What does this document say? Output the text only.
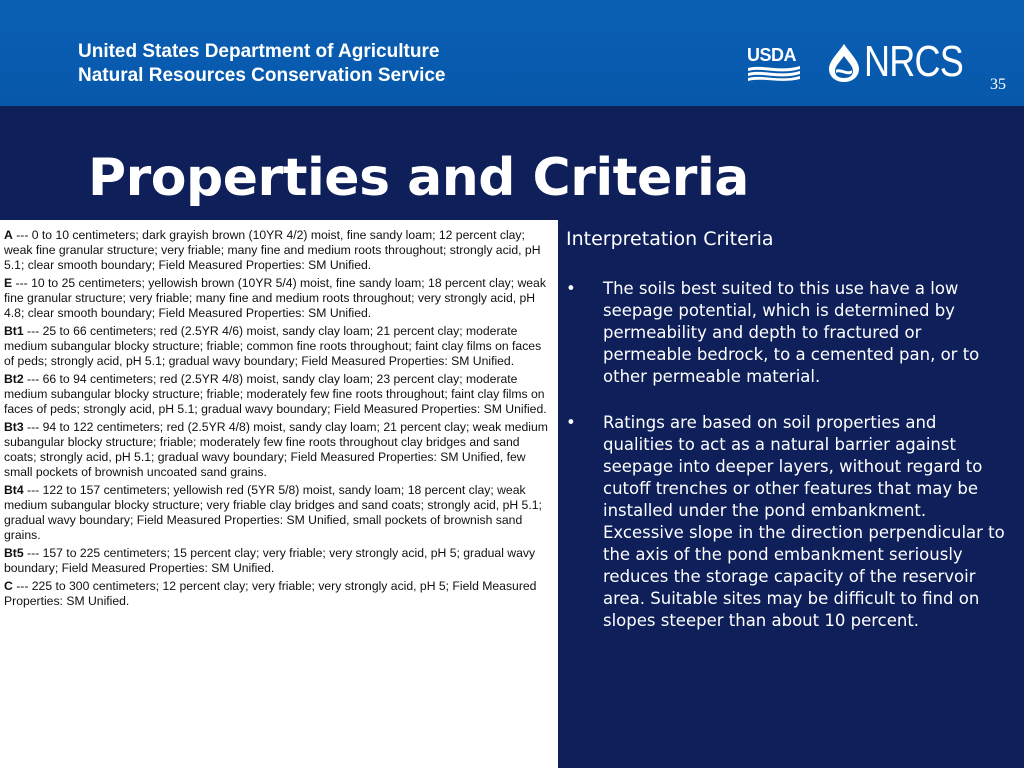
United States Department of Agriculture
Natural Resources Conservation Service
USDA NRCS 35
Properties and Criteria

A --- 0 to 10 centimeters; dark grayish brown (10YR 4/2) moist, fine sandy loam; 12 percent clay; weak fine granular structure; very friable; many fine and medium roots throughout; strongly acid, pH 5.1; clear smooth boundary; Field Measured Properties: SM Unified.

E --- 10 to 25 centimeters; yellowish brown (10YR 5/4) moist, fine sandy loam; 18 percent clay; weak fine granular structure; very friable; many fine and medium roots throughout; very strongly acid, pH 4.8; clear smooth boundary; Field Measured Properties: SM Unified.

Bt1 --- 25 to 66 centimeters; red (2.5YR 4/6) moist, sandy clay loam; 21 percent clay; moderate medium subangular blocky structure; friable; common fine roots throughout; faint clay films on faces of peds; strongly acid, pH 5.1; gradual wavy boundary; Field Measured Properties: SM Unified.

Bt2 --- 66 to 94 centimeters; red (2.5YR 4/8) moist, sandy clay loam; 23 percent clay; moderate medium subangular blocky structure; friable; moderately few fine roots throughout; faint clay films on faces of peds; strongly acid, pH 5.1; gradual wavy boundary; Field Measured Properties: SM Unified.

Bt3 --- 94 to 122 centimeters; red (2.5YR 4/8) moist, sandy clay loam; 21 percent clay; weak medium subangular blocky structure; friable; moderately few fine roots throughout clay bridges and sand coats; strongly acid, pH 5.1; gradual wavy boundary; Field Measured Properties: SM Unified, few small pockets of brownish uncoated sand grains.

Bt4 --- 122 to 157 centimeters; yellowish red (5YR 5/8) moist, sandy loam; 18 percent clay; weak medium subangular blocky structure; very friable clay bridges and sand coats; strongly acid, pH 5.1; gradual wavy boundary; Field Measured Properties: SM Unified, small pockets of brownish sand grains.

Bt5 --- 157 to 225 centimeters; 15 percent clay; very friable; very strongly acid, pH 5; gradual wavy boundary; Field Measured Properties: SM Unified.

C --- 225 to 300 centimeters; 12 percent clay; very friable; very strongly acid, pH 5; Field Measured Properties: SM Unified.

Interpretation Criteria
• The soils best suited to this use have a low seepage potential, which is determined by permeability and depth to fractured or permeable bedrock, to a cemented pan, or to other permeable material.
• Ratings are based on soil properties and qualities to act as a natural barrier against seepage into deeper layers, without regard to cutoff trenches or other features that may be installed under the pond embankment. Excessive slope in the direction perpendicular to the axis of the pond embankment seriously reduces the storage capacity of the reservoir area. Suitable sites may be difficult to find on slopes steeper than about 10 percent.
